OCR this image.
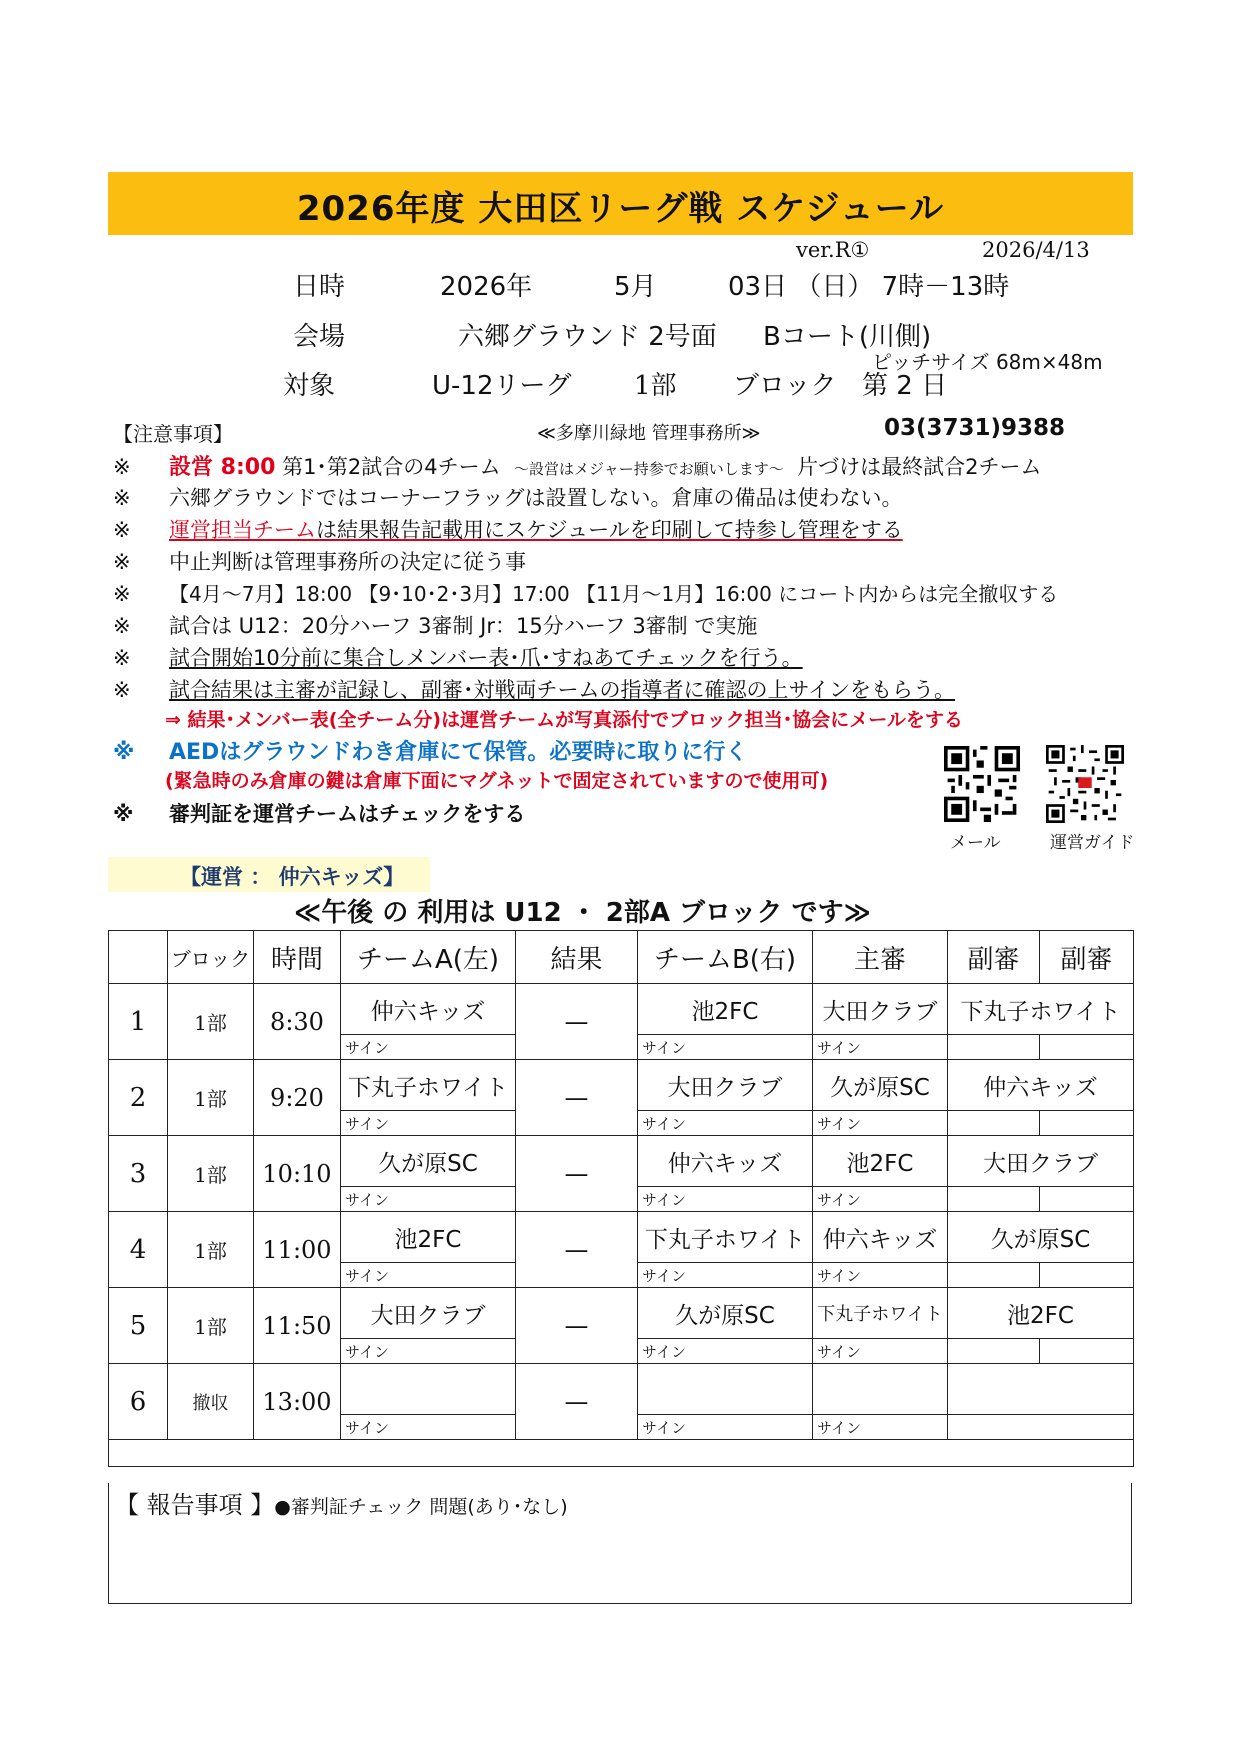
2026年度 大田区リーグ戦 スケジュール
ver.R①	2026/4/13
日時	2026年	5月	03日 （日） 7時－13時
会場	六郷グラウンド 2号面 Bコート(川側)
ピッチサイズ 68m×48m
対象	U-12リーグ 1部 ブロック 第 2 日
【注意事項】	≪多摩川緑地 管理事務所≫	03(3731)9388
※ 設営 8:00 第1･第2試合の4チーム ～設営はメジャー持参でお願いします～ 片づけは最終試合2チーム
※ 六郷グラウンドではコーナーフラッグは設置しない。倉庫の備品は使わない。
※ 運営担当チームは結果報告記載用にスケジュールを印刷して持参し管理をする
※ 中止判断は管理事務所の決定に従う事
※ 【4月～7月】18:00 【9･10･2･3月】17:00 【11月～1月】16:00 にコート内からは完全撤収する
※ 試合は U12：20分ハーフ 3審制 Jr：15分ハーフ 3審制 で実施
※ 試合開始10分前に集合しメンバー表･爪･すねあてチェックを行う。
※ 試合結果は主審が記録し、副審･対戦両チームの指導者に確認の上サインをもらう。
⇒ 結果･メンバー表(全チーム分)は運営チームが写真添付でブロック担当･協会にメールをする
※ AEDはグラウンドわき倉庫にて保管。必要時に取りに行く
(緊急時のみ倉庫の鍵は倉庫下面にマグネットで固定されていますので使用可)
※ 審判証を運営チームはチェックをする
メール	運営ガイド
【運営 ： 仲六キッズ】
≪午後 の 利用は U12 ・ 2部A ブロック です≫
	ブロック	時間	チームA(左)	結果	チームB(右)	主審	副審	副審
1	1部	8:30	仲六キッズ	—	池2FC	大田クラブ	下丸子ホワイト	
			サイン		サイン	サイン		
2	1部	9:20	下丸子ホワイト	—	大田クラブ	久が原SC	仲六キッズ	
			サイン		サイン	サイン		
3	1部	10:10	久が原SC	—	仲六キッズ	池2FC	大田クラブ	
			サイン		サイン	サイン		
4	1部	11:00	池2FC	—	下丸子ホワイト	仲六キッズ	久が原SC	
			サイン		サイン	サイン		
5	1部	11:50	大田クラブ	—	久が原SC	下丸子ホワイト	池2FC	
			サイン		サイン	サイン		
6	撤収	13:00		—				
			サイン		サイン	サイン		

【 報告事項 】●審判証チェック 問題(あり･なし)
